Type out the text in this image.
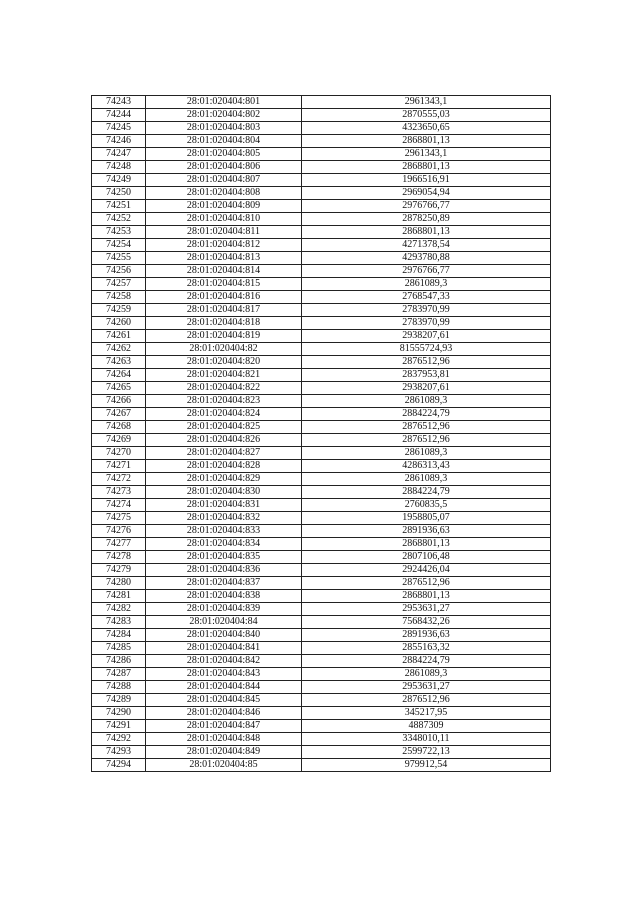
74243	28:01:020404:801	2961343,1
74244	28:01:020404:802	2870555,03
74245	28:01:020404:803	4323650,65
74246	28:01:020404:804	2868801,13
74247	28:01:020404:805	2961343,1
74248	28:01:020404:806	2868801,13
74249	28:01:020404:807	1966516,91
74250	28:01:020404:808	2969054,94
74251	28:01:020404:809	2976766,77
74252	28:01:020404:810	2878250,89
74253	28:01:020404:811	2868801,13
74254	28:01:020404:812	4271378,54
74255	28:01:020404:813	4293780,88
74256	28:01:020404:814	2976766,77
74257	28:01:020404:815	2861089,3
74258	28:01:020404:816	2768547,33
74259	28:01:020404:817	2783970,99
74260	28:01:020404:818	2783970,99
74261	28:01:020404:819	2938207,61
74262	28:01:020404:82	81555724,93
74263	28:01:020404:820	2876512,96
74264	28:01:020404:821	2837953,81
74265	28:01:020404:822	2938207,61
74266	28:01:020404:823	2861089,3
74267	28:01:020404:824	2884224,79
74268	28:01:020404:825	2876512,96
74269	28:01:020404:826	2876512,96
74270	28:01:020404:827	2861089,3
74271	28:01:020404:828	4286313,43
74272	28:01:020404:829	2861089,3
74273	28:01:020404:830	2884224,79
74274	28:01:020404:831	2760835,5
74275	28:01:020404:832	1958805,07
74276	28:01:020404:833	2891936,63
74277	28:01:020404:834	2868801,13
74278	28:01:020404:835	2807106,48
74279	28:01:020404:836	2924426,04
74280	28:01:020404:837	2876512,96
74281	28:01:020404:838	2868801,13
74282	28:01:020404:839	2953631,27
74283	28:01:020404:84	7568432,26
74284	28:01:020404:840	2891936,63
74285	28:01:020404:841	2855163,32
74286	28:01:020404:842	2884224,79
74287	28:01:020404:843	2861089,3
74288	28:01:020404:844	2953631,27
74289	28:01:020404:845	2876512,96
74290	28:01:020404:846	345217,95
74291	28:01:020404:847	4887309
74292	28:01:020404:848	3348010,11
74293	28:01:020404:849	2599722,13
74294	28:01:020404:85	979912,54
